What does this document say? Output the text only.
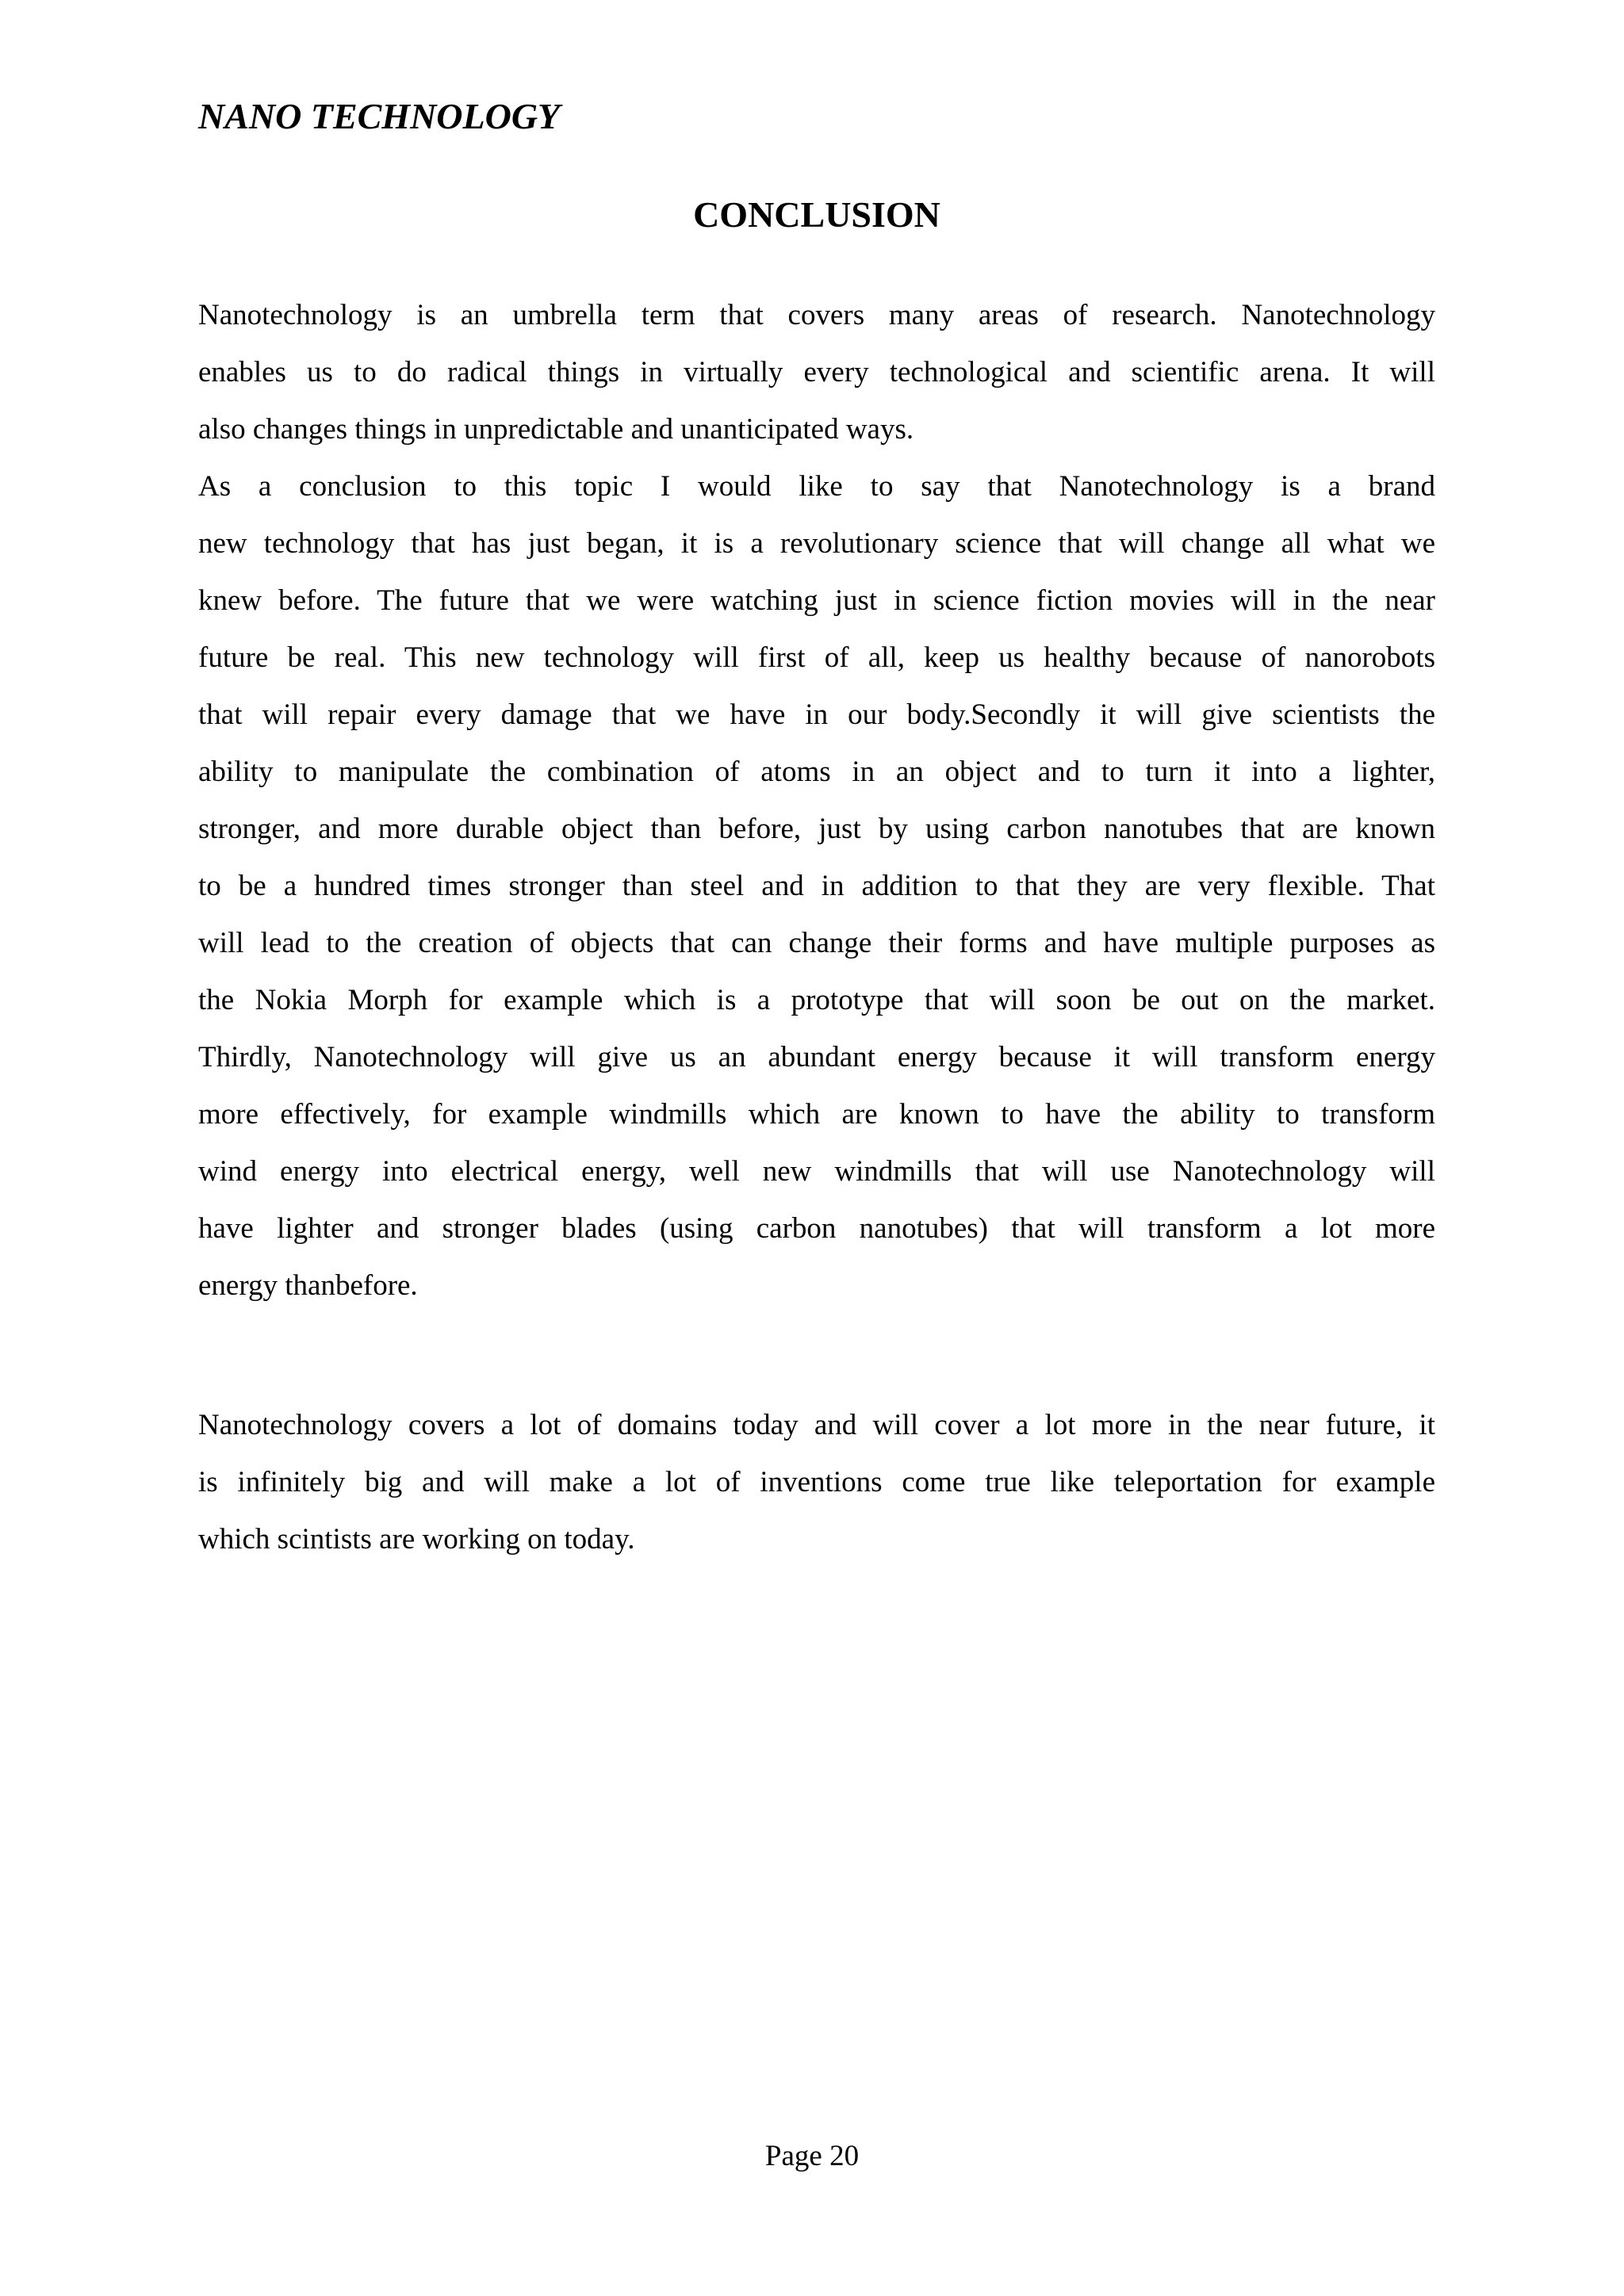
NANO TECHNOLOGY
CONCLUSION

Nanotechnology is an umbrella term that covers many areas of research. Nanotechnology
enables us to do radical things in virtually every technological and scientific arena. It will
also changes things in unpredictable and unanticipated ways.

As a conclusion to this topic I would like to say that Nanotechnology is a brand
new technology that has just began, it is a revolutionary science that will change all what we
knew before. The future that we were watching just in science fiction movies will in the near
future be real. This new technology will first of all, keep us healthy because of nanorobots
that will repair every damage that we have in our body.Secondly it will give scientists the
ability to manipulate the combination of atoms in an object and to turn it into a lighter,
stronger, and more durable object than before, just by using carbon nanotubes that are known
to be a hundred times stronger than steel and in addition to that they are very flexible. That
will lead to the creation of objects that can change their forms and have multiple purposes as
the Nokia Morph for example which is a prototype that will soon be out on the market.
Thirdly, Nanotechnology will give us an abundant energy because it will transform energy
more effectively, for example windmills which are known to have the ability to transform
wind energy into electrical energy, well new windmills that will use Nanotechnology will
have lighter and stronger blades (using carbon nanotubes) that will transform a lot more
energy thanbefore.

Nanotechnology covers a lot of domains today and will cover a lot more in the near future, it
is infinitely big and will make a lot of inventions come true like teleportation for example
which scintists are working on today.

Page 20
